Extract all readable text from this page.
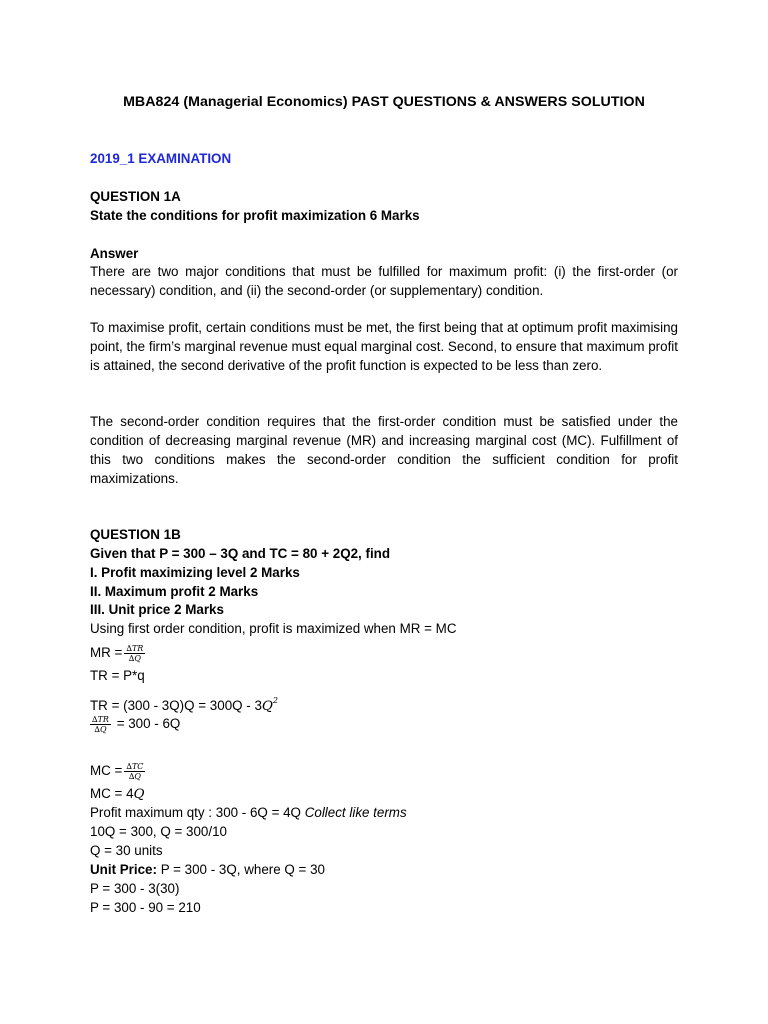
MBA824 (Managerial Economics) PAST QUESTIONS & ANSWERS SOLUTION
2019_1 EXAMINATION
QUESTION 1A
State the conditions for profit maximization 6 Marks
Answer

There are two major conditions that must be fulfilled for maximum profit: (i) the first-order (or necessary) condition, and (ii) the second-order (or supplementary) condition.

To maximise profit, certain conditions must be met, the first being that at optimum profit maximising point, the firm’s marginal revenue must equal marginal cost. Second, to ensure that maximum profit is attained, the second derivative of the profit function is expected to be less than zero.

The second-order condition requires that the first-order condition must be satisfied under the condition of decreasing marginal revenue (MR) and increasing marginal cost (MC). Fulfillment of this two conditions makes the second-order condition the sufficient condition for profit maximizations.

QUESTION 1B
Given that P = 300 – 3Q and TC = 80 + 2Q2, find
I. Profit maximizing level 2 Marks
II. Maximum profit 2 Marks
III. Unit price 2 Marks
Using first order condition, profit is maximized when MR = MC
MR = $\frac{\Delta TR}{\Delta Q}$
TR = P*q
TR = $(300 - 3Q)Q = 300Q - 3Q^2$
$\frac{\Delta TR}{\Delta Q} = 300 - 6Q$
MC = $\frac{\Delta TC}{\Delta Q}$
MC = 4Q
Profit maximum qty : 300 - 6Q = 4Q Collect like terms
10Q = 300, Q = 300/10
Q = 30 units
Unit Price: P = 300 - 3Q, where Q = 30
P = 300 - 3(30)
P = 300 - 90 = 210
